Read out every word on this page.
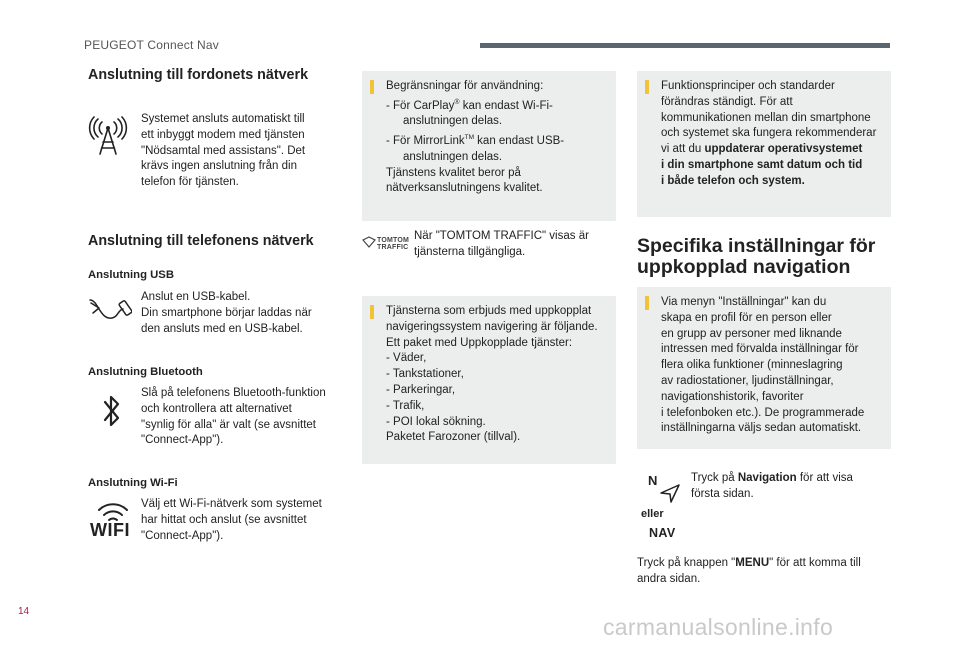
PEUGEOT Connect Nav
Anslutning till fordonets nätverk
Systemet ansluts automatiskt till
ett inbyggt modem med tjänsten
"Nödsamtal med assistans". Det
krävs ingen anslutning från din
telefon för tjänsten.
Anslutning till telefonens nätverk
Anslutning USB
Anslut en USB-kabel.
Din smartphone börjar laddas när
den ansluts med en USB-kabel.
Anslutning Bluetooth
Slå på telefonens Bluetooth-funktion
och kontrollera att alternativet
"synlig för alla" är valt (se avsnittet
"Connect-App").
Anslutning Wi-Fi
WIFI
Välj ett Wi-Fi-nätverk som systemet
har hittat och anslut (se avsnittet
"Connect-App").
Begränsningar för användning:
- För CarPlay® kan endast Wi-Fi-
anslutningen delas.
- För MirrorLink™ kan endast USB-
anslutningen delas.
Tjänstens kvalitet beror på
nätverksanslutningens kvalitet.
TOMTOM
TRAFFIC
När "TOMTOM TRAFFIC" visas är
tjänsterna tillgängliga.
Tjänsterna som erbjuds med uppkopplat
navigeringssystem navigering är följande.
Ett paket med Uppkopplade tjänster:
- Väder,
- Tankstationer,
- Parkeringar,
- Trafik,
- POI lokal sökning.
Paketet Farozoner (tillval).
Funktionsprinciper och standarder
förändras ständigt. För att
kommunikationen mellan din smartphone
och systemet ska fungera rekommenderar
vi att du uppdaterar operativsystemet
i din smartphone samt datum och tid
i både telefon och system.
Specifika inställningar för
uppkopplad navigation
Via menyn "Inställningar" kan du
skapa en profil för en person eller
en grupp av personer med liknande
intressen med förvalda inställningar för
flera olika funktioner (minneslagring
av radiostationer, ljudinställningar,
navigationshistorik, favoriter
i telefonboken etc.). De programmerade
inställningarna väljs sedan automatiskt.
N
eller
NAV
Tryck på Navigation för att visa
första sidan.
Tryck på knappen "MENU" för att komma till
andra sidan.
14
carmanualsonline.info
